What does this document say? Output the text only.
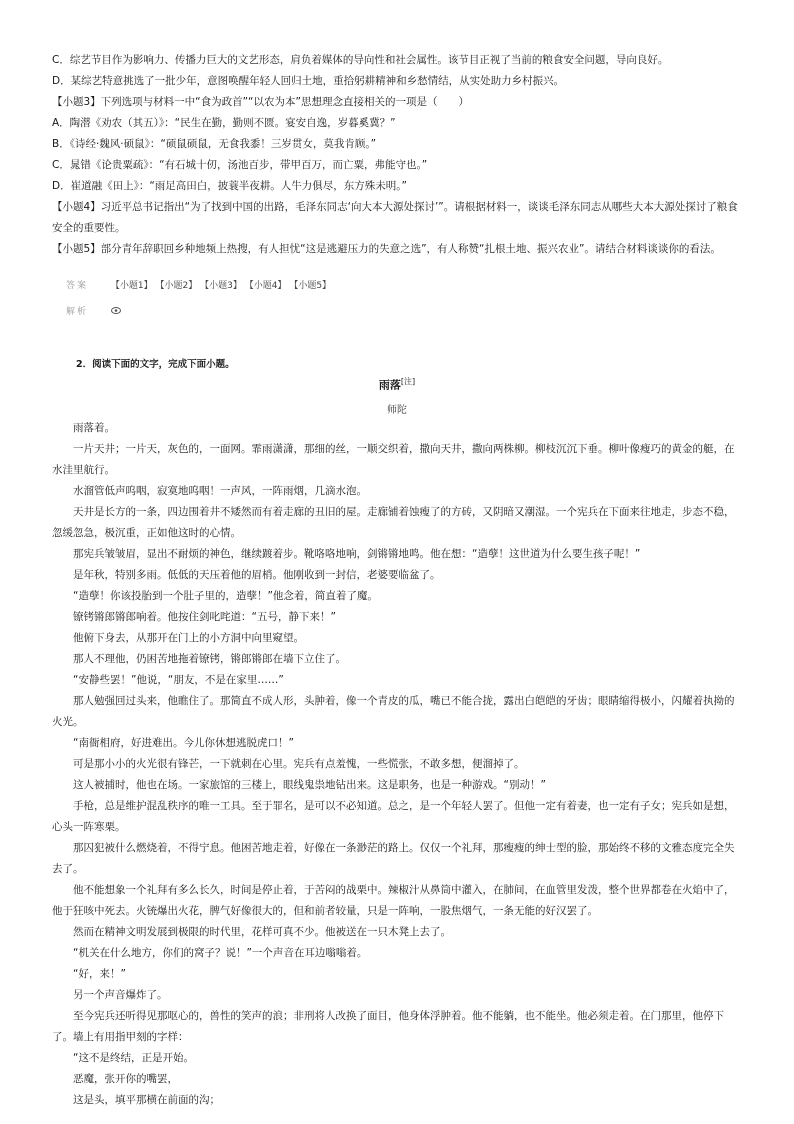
C．综艺节目作为影响力、传播力巨大的文艺形态，肩负着媒体的导向性和社会属性。该节目正视了当前的粮食安全问题，导向良好。
D．某综艺特意挑选了一批少年，意图唤醒年轻人回归土地，重拾躬耕精神和乡愁情结，从实处助力乡村振兴。
【小题3】下列选项与材料一中“食为政首”“以农为本”思想理念直接相关的一项是（　　）
A．陶潜《劝农（其五）》：“民生在勤，勤则不匮。宴安自逸，岁暮奚冀？”
B．《诗经·魏风·硕鼠》：“硕鼠硕鼠，无食我黍！三岁贯女，莫我肯顾。”
C．晁错《论贵粟疏》：“有石城十仞，汤池百步，带甲百万，而亡粟，弗能守也。”
D．崔道融《田上》：“雨足高田白，披蓑半夜耕。人牛力俱尽，东方殊未明。”

【小题4】习近平总书记指出“为了找到中国的出路，毛泽东同志‘向大本大源处探讨’”。请根据材料一，谈谈毛泽东同志从哪些大本大源处探讨了粮食安全的重要性。

【小题5】部分青年辞职回乡种地频上热搜，有人担忧“这是逃避压力的失意之选”，有人称赞“扎根土地、振兴农业”。请结合材料谈谈你的看法。

答案	【小题1】 【小题2】 【小题3】 【小题4】 【小题5】
解析
2．阅读下面的文字，完成下面小题。
雨落[注]
师陀

雨落着。

一片天井；一片天，灰色的，一面网。霏雨潇潇，那细的丝，一顺交织着，撒向天井，撒向两株柳。柳枝沉沉下垂。柳叶像瘦巧的黄金的艇，在水洼里航行。

水溜管低声呜咽，寂寞地呜咽！一声风，一阵雨烟，几滴水泡。

天井是长方的一条，四边围着井不矮然而有着走廊的丑旧的屋。走廊铺着蚀瘦了的方砖，又阴暗又潮湿。一个宪兵在下面来往地走，步态不稳，忽缓忽急，极沉重，正如他这时的心情。

那宪兵皱皱眉，显出不耐烦的神色，继续踱着步。靴咯咯地响，剑锵锵地鸣。他在想：“造孽！这世道为什么要生孩子呢！”

是年秋，特别多雨。低低的天压着他的眉梢。他刚收到一封信，老婆要临盆了。

“造孽！你该投胎到一个肚子里的，造孽！”他念着，简直着了魔。

镣铐锵郎锵郎响着。他按住剑叱咤道：“五号，静下来！”

他俯下身去，从那开在门上的小方洞中向里窥望。

那人不理他，仍困苦地拖着镣铐，锵郎锵郎在墙下立住了。

“安静些罢！”他说，“朋友，不是在家里……”

那人勉强回过头来，他瞧住了。那简直不成人形，头肿着，像一个青皮的瓜，嘴已不能合拢，露出白皑皑的牙齿；眼睛缩得极小，闪耀着执拗的火光。

“南衙相府，好进难出。今儿你休想逃脱虎口！”

可是那小小的火光很有锋芒，一下就刺在心里。宪兵有点羞愧，一些慌张，不敢多想，便溜掉了。

这人被捕时，他也在场。一家旅馆的三楼上，眼线鬼祟地钻出来。这是职务，也是一种游戏。“别动！”

手枪，总是维护混乱秩序的唯一工具。至于罪名，是可以不必知道。总之，是一个年轻人罢了。但他一定有着妻，也一定有子女；宪兵如是想，心头一阵寒栗。

那囚犯被什么燃烧着，不得宁息。他困苦地走着，好像在一条渺茫的路上。仅仅一个礼拜，那瘦瘦的绅士型的脸，那始终不移的文雅态度完全失去了。

他不能想象一个礼拜有多么长久，时间是停止着，于苦闷的战栗中。辣椒汁从鼻筒中灌入，在肺间，在血管里发泼，整个世界都卷在火焰中了，他于狂咳中死去。火铳爆出火花，脾气好像很大的，但和前者较量，只是一阵响，一股焦烟气，一条无能的好汉罢了。

然而在精神文明发展到极限的时代里，花样可真不少。他被送在一只木凳上去了。

“机关在什么地方，你们的窝子？说！”一个声音在耳边嗡嗡着。

“好，来！”

另一个声音爆炸了。

至今宪兵还听得见那呕心的，兽性的笑声的浪；非刑将人改换了面目，他身体浮肿着。他不能躺，也不能坐。他必须走着。在门那里，他停下了。墙上有用指甲刻的字样：

“这不是终结，正是开始。

恶魔，张开你的嘴罢，

这是头，填平那横在前面的沟；
